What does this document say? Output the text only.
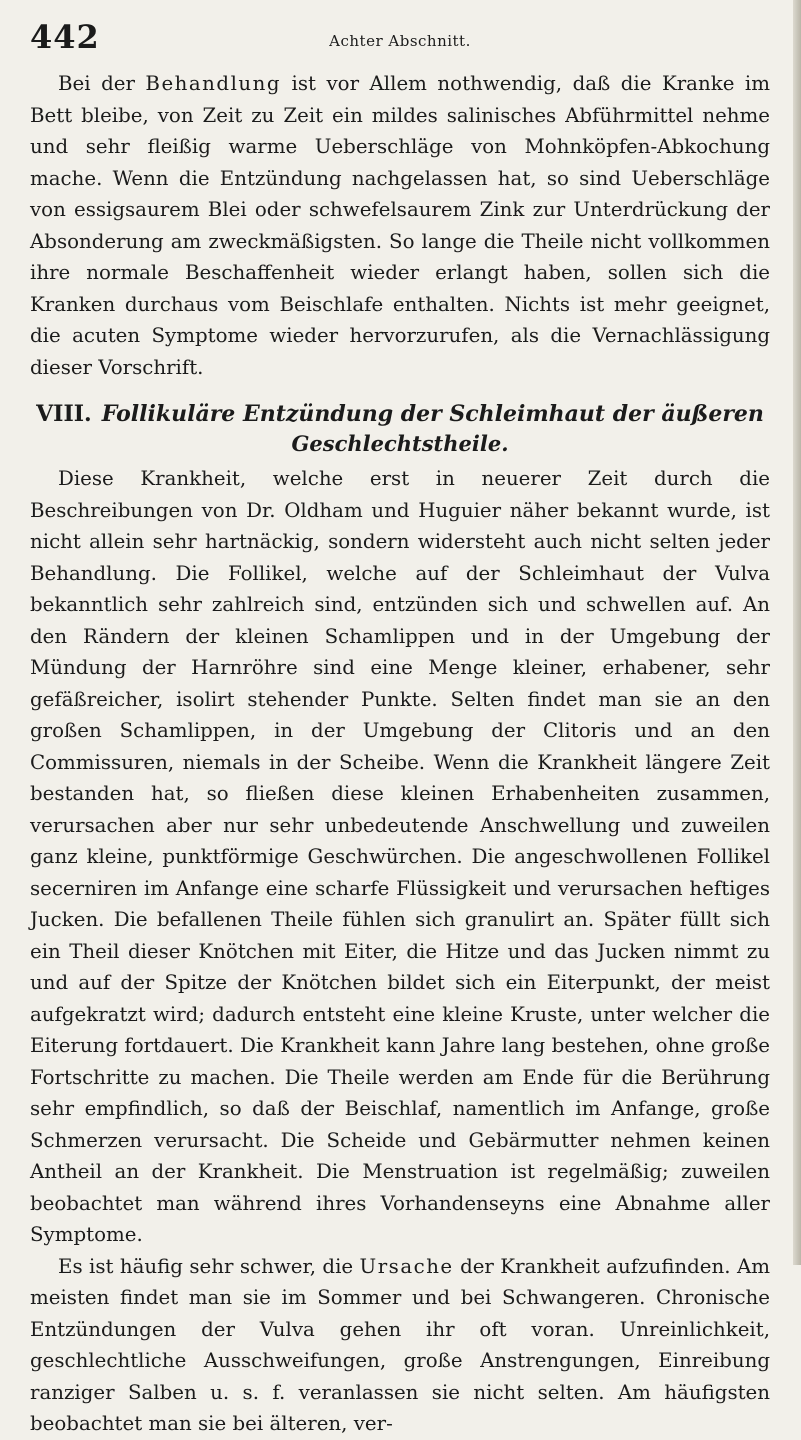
442	Achter Abschnitt.

Bei der Behandlung ist vor Allem nothwendig, daß die Kranke im Bett bleibe, von Zeit zu Zeit ein mildes salinisches Abführmittel nehme und sehr fleißig warme Ueberschläge von Mohnköpfen-Abkochung mache. Wenn die Entzündung nachgelassen hat, so sind Ueberschläge von essigsaurem Blei oder schwefelsaurem Zink zur Unterdrückung der Absonderung am zweckmäßigsten. So lange die Theile nicht vollkommen ihre normale Beschaffenheit wieder erlangt haben, sollen sich die Kranken durchaus vom Beischlafe enthalten. Nichts ist mehr geeignet, die acuten Symptome wieder hervorzurufen, als die Vernachlässigung dieser Vorschrift.

VIII. Follikuläre Entzündung der Schleimhaut der äußeren
Geschlechtstheile.

Diese Krankheit, welche erst in neuerer Zeit durch die Beschreibungen von Dr. Oldham und Huguier näher bekannt wurde, ist nicht allein sehr hartnäckig, sondern widersteht auch nicht selten jeder Behandlung. Die Follikel, welche auf der Schleimhaut der Vulva bekanntlich sehr zahlreich sind, entzünden sich und schwellen auf. An den Rändern der kleinen Schamlippen und in der Umgebung der Mündung der Harnröhre sind eine Menge kleiner, erhabener, sehr gefäßreicher, isolirt stehender Punkte. Selten findet man sie an den großen Schamlippen, in der Umgebung der Clitoris und an den Commissuren, niemals in der Scheibe. Wenn die Krankheit längere Zeit bestanden hat, so fließen diese kleinen Erhabenheiten zusammen, verursachen aber nur sehr unbedeutende Anschwellung und zuweilen ganz kleine, punktförmige Geschwürchen. Die angeschwollenen Follikel secerniren im Anfange eine scharfe Flüssigkeit und verursachen heftiges Jucken. Die befallenen Theile fühlen sich granulirt an. Später füllt sich ein Theil dieser Knötchen mit Eiter, die Hitze und das Jucken nimmt zu und auf der Spitze der Knötchen bildet sich ein Eiterpunkt, der meist aufgekratzt wird; dadurch entsteht eine kleine Kruste, unter welcher die Eiterung fortdauert. Die Krankheit kann Jahre lang bestehen, ohne große Fortschritte zu machen. Die Theile werden am Ende für die Berührung sehr empfindlich, so daß der Beischlaf, namentlich im Anfange, große Schmerzen verursacht. Die Scheide und Gebärmutter nehmen keinen Antheil an der Krankheit. Die Menstruation ist regelmäßig; zuweilen beobachtet man während ihres Vorhandenseyns eine Abnahme aller Symptome.

Es ist häufig sehr schwer, die Ursache der Krankheit aufzufinden. Am meisten findet man sie im Sommer und bei Schwangeren. Chronische Entzündungen der Vulva gehen ihr oft voran. Unreinlichkeit, geschlechtliche Ausschweifungen, große Anstrengungen, Einreibung ranziger Salben u. s. f. veranlassen sie nicht selten. Am häufigsten beobachtet man sie bei älteren, ver-
